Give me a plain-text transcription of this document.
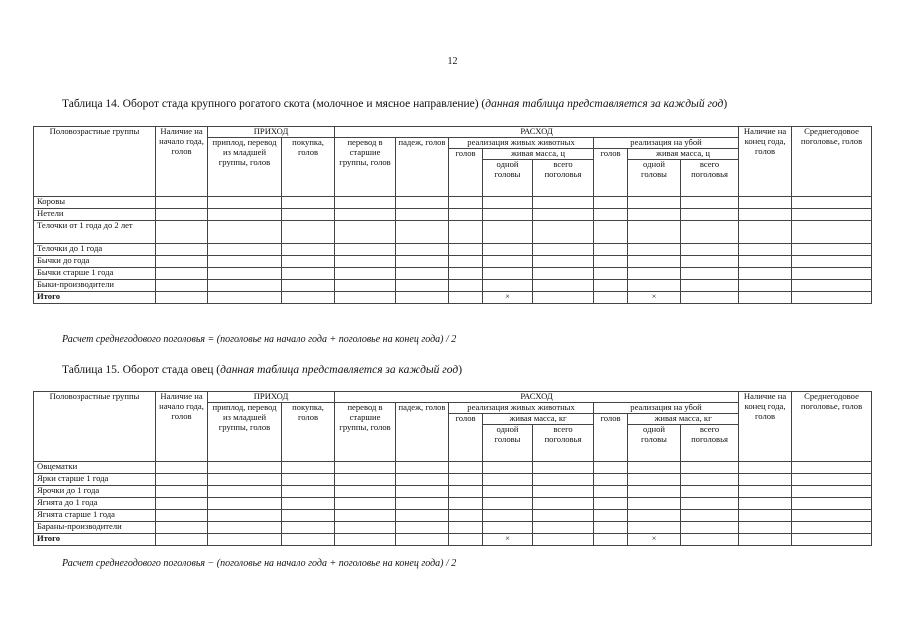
12
Таблица 14. Оборот стада крупного рогатого скота (молочное и мясное направление) (данная таблица представляется за каждый год)
Половозрастные группы	Наличие на начало года, голов	ПРИХОД		РАСХОД								Наличие на конец года, голов	Среднегодовое поголовье, голов
		приплод, перевод из младшей группы, голов	покупка, голов	перевод в старшие группы, голов	падеж, голов	реализация живых животных			реализация на убой				
						голов	живая масса, ц		голов	живая масса, ц			
							одной головы	всего поголовья		одной головы	всего поголовья		
Коровы													
Нетели													
Телочки от 1 года до 2 лет													
Телочки до 1 года													
Бычки до года													
Бычки старше 1 года													
Быки-производители													
Итого							×			×			
Расчет среднегодового поголовья = (поголовье на начало года + поголовье на конец года) / 2
Таблица 15. Оборот стада овец (данная таблица представляется за каждый год)
Половозрастные группы	Наличие на начало года, голов	ПРИХОД		РАСХОД								Наличие на конец года, голов	Среднегодовое поголовье, голов
		приплод, перевод из младшей группы, голов	покупка, голов	перевод в старшие группы, голов	падеж, голов	реализация живых животных			реализация на убой				
						голов	живая масса, кг		голов	живая масса, кг			
							одной головы	всего поголовья		одной головы	всего поголовья		
Овцематки													
Ярки старше 1 года													
Ярочки до 1 года													
Ягнята до 1 года													
Ягнята старше 1 года													
Бараны-производители													
Итого							×			×			
Расчет среднегодового поголовья − (поголовье на начало года + поголовье на конец года) / 2
